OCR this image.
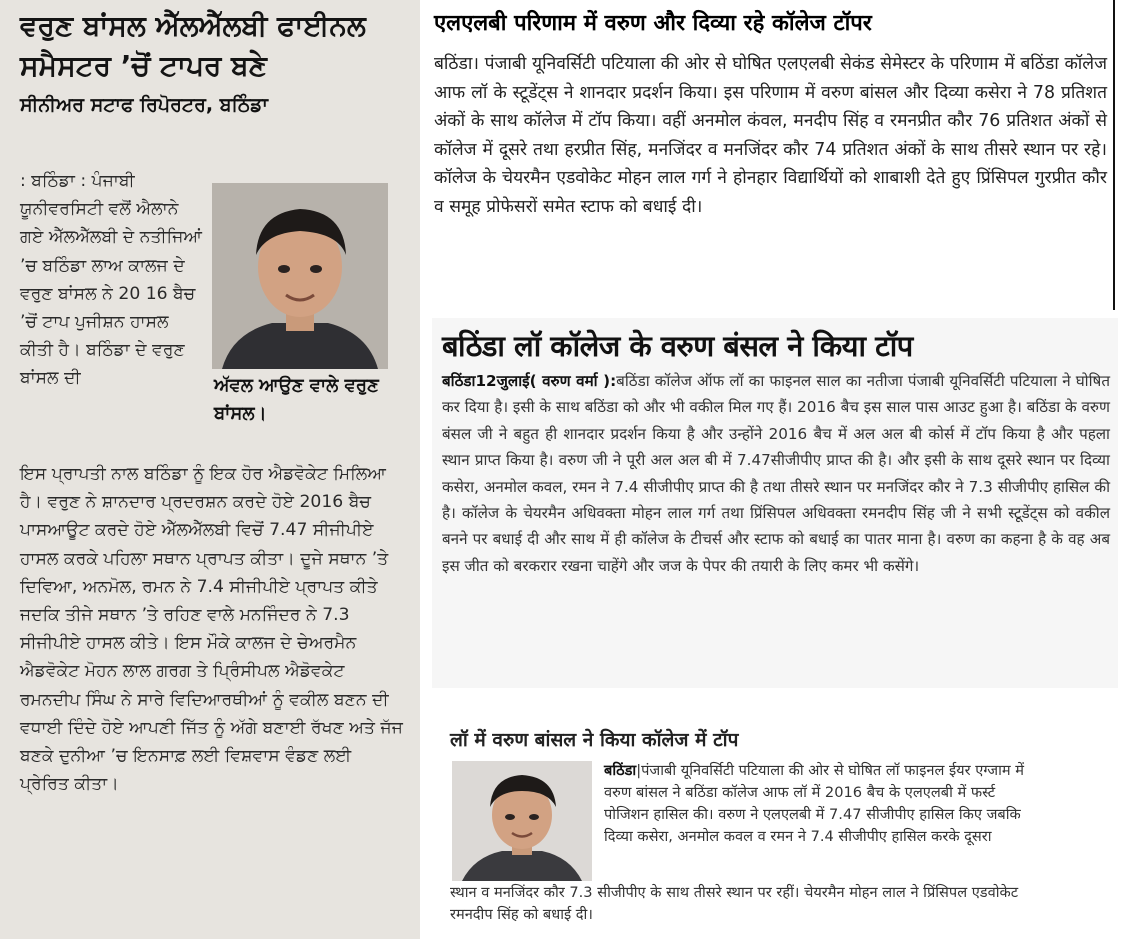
ਵਰੁਣ ਬਾਂਸਲ ਐੱਲਐੱਲਬੀ ਫਾਈਨਲ ਸਮੈਸਟਰ ’ਚੋਂ ਟਾਪਰ ਬਣੇ
ਸੀਨੀਅਰ ਸਟਾਫ ਰਿਪੋਰਟਰ, ਬਠਿੰਡਾ

: ਬਠਿੰਡਾ : ਪੰਜਾਬੀ ਯੂਨੀਵਰਸਿਟੀ ਵਲੋਂ ਐਲਾਨੇ ਗਏ ਐੱਲਐੱਲਬੀ ਦੇ ਨਤੀਜਿਆਂ ’ਚ ਬਠਿੰਡਾ ਲਾਅ ਕਾਲਜ ਦੇ ਵਰੁਣ ਬਾਂਸਲ ਨੇ 20 16 ਬੈਚ ’ਚੋਂ ਟਾਪ ਪੁਜੀਸ਼ਨ ਹਾਸਲ ਕੀਤੀ ਹੈ। ਬਠਿੰਡਾ ਦੇ ਵਰੁਣ ਬਾਂਸਲ ਦੀ	ਅੱਵਲ ਆਉਣ ਵਾਲੇ ਵਰੁਣ ਬਾਂਸਲ।

ਇਸ ਪ੍ਰਾਪਤੀ ਨਾਲ ਬਠਿੰਡਾ ਨੂੰ ਇਕ ਹੋਰ ਐਡਵੋਕੇਟ ਮਿਲਿਆ ਹੈ। ਵਰੁਣ ਨੇ ਸ਼ਾਨਦਾਰ ਪ੍ਰਦਰਸ਼ਨ ਕਰਦੇ ਹੋਏ 2016 ਬੈਚ ਪਾਸਆਊਟ ਕਰਦੇ ਹੋਏ ਐੱਲਐੱਲਬੀ ਵਿਚੋਂ 7.47 ਸੀਜੀਪੀਏ ਹਾਸਲ ਕਰਕੇ ਪਹਿਲਾ ਸਥਾਨ ਪ੍ਰਾਪਤ ਕੀਤਾ। ਦੂਜੇ ਸਥਾਨ ’ਤੇ ਦਿਵਿਆ, ਅਨਮੋਲ, ਰਮਨ ਨੇ 7.4 ਸੀਜੀਪੀਏ ਪ੍ਰਾਪਤ ਕੀਤੇ ਜਦਕਿ ਤੀਜੇ ਸਥਾਨ ’ਤੇ ਰਹਿਣ ਵਾਲੇ ਮਨਜਿੰਦਰ ਨੇ 7.3 ਸੀਜੀਪੀਏ ਹਾਸਲ ਕੀਤੇ। ਇਸ ਮੌਕੇ ਕਾਲਜ ਦੇ ਚੇਅਰਮੈਨ ਐਡਵੋਕੇਟ ਮੋਹਨ ਲਾਲ ਗਰਗ ਤੇ ਪ੍ਰਿੰਸੀਪਲ ਐਡੋਵਕੇਟ ਰਮਨਦੀਪ ਸਿੰਘ ਨੇ ਸਾਰੇ ਵਿਦਿਆਰਥੀਆਂ ਨੂੰ ਵਕੀਲ ਬਣਨ ਦੀ ਵਧਾਈ ਦਿੰਦੇ ਹੋਏ ਆਪਣੀ ਜਿੱਤ ਨੂੰ ਅੱਗੇ ਬਣਾਈ ਰੱਖਣ ਅਤੇ ਜੱਜ ਬਣਕੇ ਦੁਨੀਆ ’ਚ ਇਨਸਾਫ਼ ਲਈ ਵਿਸ਼ਵਾਸ ਵੰਡਣ ਲਈ ਪ੍ਰੇਰਿਤ ਕੀਤਾ।

एलएलबी परिणाम में वरुण और दिव्या रहे कॉलेज टॉपर

बठिंडा। पंजाबी यूनिवर्सिटी पटियाला की ओर से घोषित एलएलबी सेकंड सेमेस्टर के परिणाम में बठिंडा कॉलेज आफ लॉ के स्टूडेंट्स ने शानदार प्रदर्शन किया। इस परिणाम में वरुण बांसल और दिव्या कसेरा ने 78 प्रतिशत अंकों के साथ कॉलेज में टॉप किया। वहीं अनमोल कंवल, मनदीप सिंह व रमनप्रीत कौर 76 प्रतिशत अंकों से कॉलेज में दूसरे तथा हरप्रीत सिंह, मनजिंदर व मनजिंदर कौर 74 प्रतिशत अंकों के साथ तीसरे स्थान पर रहे। कॉलेज के चेयरमैन एडवोकेट मोहन लाल गर्ग ने होनहार विद्यार्थियों को शाबाशी देते हुए प्रिंसिपल गुरप्रीत कौर व समूह प्रोफेसरों समेत स्टाफ को बधाई दी।

बठिंडा लॉ कॉलेज के वरुण बंसल ने किया टॉप

बठिंडा12जुलाई( वरुण वर्मा ):बठिंडा कॉलेज ऑफ लॉ का फाइनल साल का नतीजा पंजाबी यूनिवर्सिटी पटियाला ने घोषित कर दिया है। इसी के साथ बठिंडा को और भी वकील मिल गए हैं। 2016 बैच इस साल पास आउट हुआ है। बठिंडा के वरुण बंसल जी ने बहुत ही शानदार प्रदर्शन किया है और उन्होंने 2016 बैच में अल अल बी कोर्स में टॉप किया है और पहला स्थान प्राप्त किया है। वरुण जी ने पूरी अल अल बी में 7.47सीजीपीए प्राप्त की है। और इसी के साथ दूसरे स्थान पर दिव्या कसेरा, अनमोल कवल, रमन ने 7.4 सीजीपीए प्राप्त की है तथा तीसरे स्थान पर मनजिंदर कौर ने 7.3 सीजीपीए हासिल की है। कॉलेज के चेयरमैन अधिवक्ता मोहन लाल गर्ग तथा प्रिंसिपल अधिवक्ता रमनदीप सिंह जी ने सभी स्टूडेंट्स को वकील बनने पर बधाई दी और साथ में ही कॉलेज के टीचर्स और स्टाफ को बधाई का पातर माना है। वरुण का कहना है के वह अब इस जीत को बरकरार रखना चाहेंगे और जज के पेपर की तयारी के लिए कमर भी कसेंगे।

लॉ में वरुण बांसल ने किया कॉलेज में टॉप

बठिंडा|पंजाबी यूनिवर्सिटी पटियाला की ओर से घोषित लॉ फाइनल ईयर एग्जाम में वरुण बांसल ने बठिंडा कॉलेज आफ लॉ में 2016 बैच के एलएलबी में फर्स्ट पोजिशन हासिल की। वरुण ने एलएलबी में 7.47 सीजीपीए हासिल किए जबकि दिव्या कसेरा, अनमोल कवल व रमन ने 7.4 सीजीपीए हासिल करके दूसरा

स्थान व मनजिंदर कौर 7.3 सीजीपीए के साथ तीसरे स्थान पर रहीं। चेयरमैन मोहन लाल ने प्रिंसिपल एडवोकेट रमनदीप सिंह को बधाई दी।
